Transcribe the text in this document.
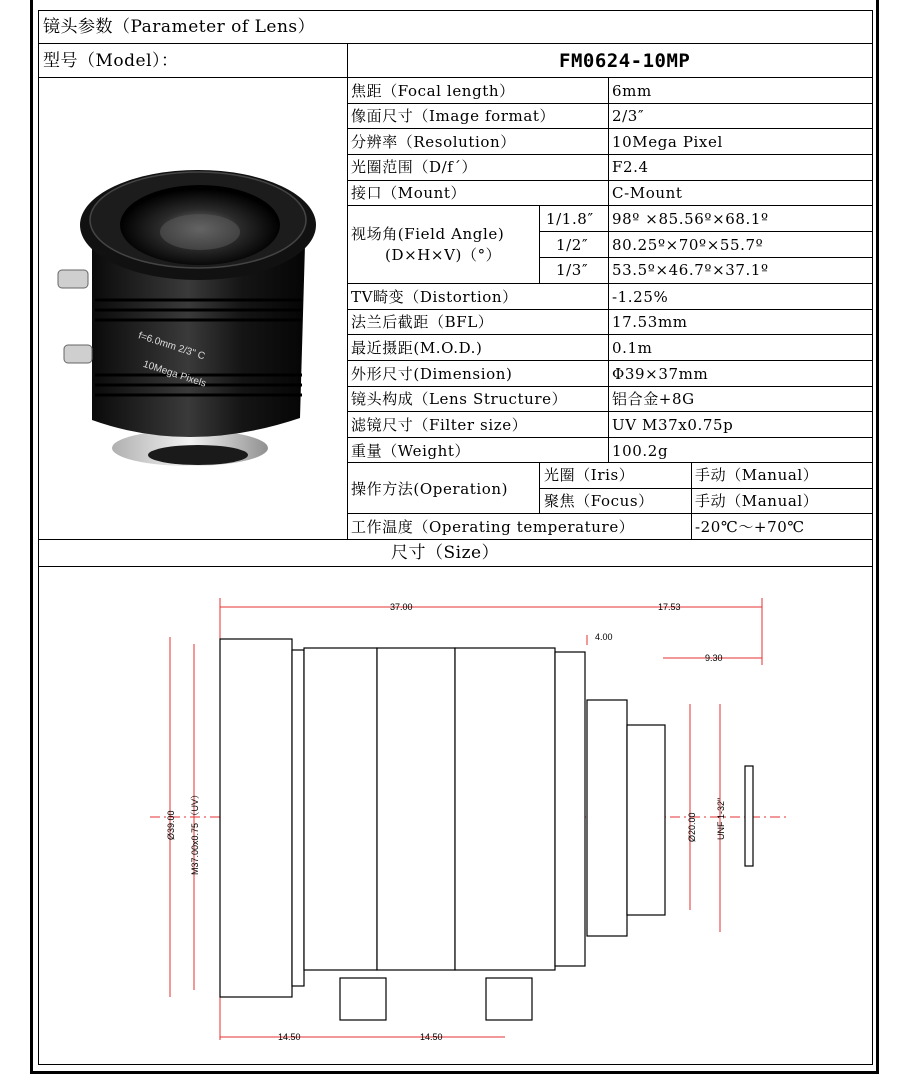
镜头参数（Parameter of Lens）
型号（Model）：	FM0624-10MP
焦距（Focal length）	6mm
像面尺寸（Image format）	2/3″
分辨率（Resolution）	10Mega Pixel
光圈范围（D/f´）	F2.4
接口（Mount）	C-Mount
视场角(Field Angle)
(D×H×V)（°）
1/1.8″ 98º ×85.56º×68.1º
1/2″ 80.25º×70º×55.7º
1/3″ 53.5º×46.7º×37.1º
TV畸变（Distortion）	-1.25%
法兰后截距（BFL）	17.53mm
最近摄距(M.O.D.)	0.1m
外形尺寸(Dimension)	Φ39×37mm
镜头构成（Lens Structure）	铝合金+8G
滤镜尺寸（Filter size）	UV M37x0.75p
重量（Weight）	100.2g
操作方法(Operation)
光圈（Iris）	手动（Manual）
聚焦（Focus）	手动（Manual）
工作温度（Operating temperature）	-20℃～+70℃
尺寸（Size）
f=6.0mm 2/3" C
10Mega Pixels
37.00	17.53
4.00
9.30
Ø39.00 M37.00x0.75 （UV）	Ø20.00 UNF 1-32"
14.50	14.50
